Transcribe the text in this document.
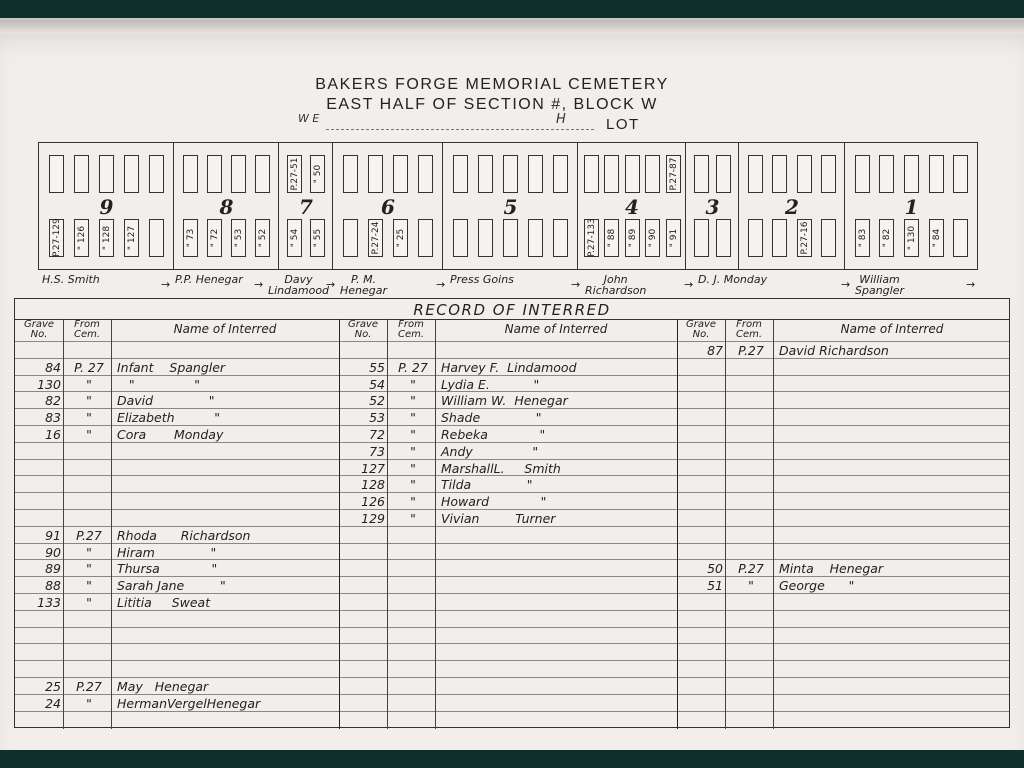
BAKERS FORGE MEMORIAL CEMETERY
EAST HALF OF SECTION #, BLOCK W
W E	H	LOT
P.27-129 " 126 " 128 " 127
9
" 73 " 72 " 53 " 52
8
P.27-51
" 54
" 50
" 55
7
P.27-24 " 25
6	5
P.27-133 " 88 " 89 " 90
P.27-87
" 91
4	3
P.27-16
2
" 83 " 82 " 130 " 84
1
H.S. Smith	P.P. Henegar
→	Davy
Lindamood
→	P. M.
Henegar
→	Press Goins
→	John
Richardson
→	D. J. Monday
→	William
Spangler
→	→
RECORD OF INTERRED
Grave
No.
From
Cem.	Name of Interred
84	P. 27	Infant    Spangler
130	"	"               "
82	"	David              "
83	"	Elizabeth          "
16	"	Cora       Monday
91	P.27	Rhoda      Richardson
90	"	Hiram              "
89	"	Thursa             "
88	"	Sarah Jane         "
133	"	Lititia     Sweat
25	P.27	May   Henegar
24	"	HermanVergelHenegar
Grave
No.
From
Cem.	Name of Interred
55	P. 27	Harvey F.  Lindamood
54	"	Lydia E.           "
52	"	William W.  Henegar
53	"	Shade              "
72	"	Rebeka             "
73	"	Andy               "
127	"	MarshallL.     Smith
128	"	Tilda              "
126	"	Howard             "
129	"	Vivian         Turner
Grave
No.
From
Cem.	Name of Interred
87	P.27	David Richardson
50	P.27	Minta    Henegar
51	"	George      "
